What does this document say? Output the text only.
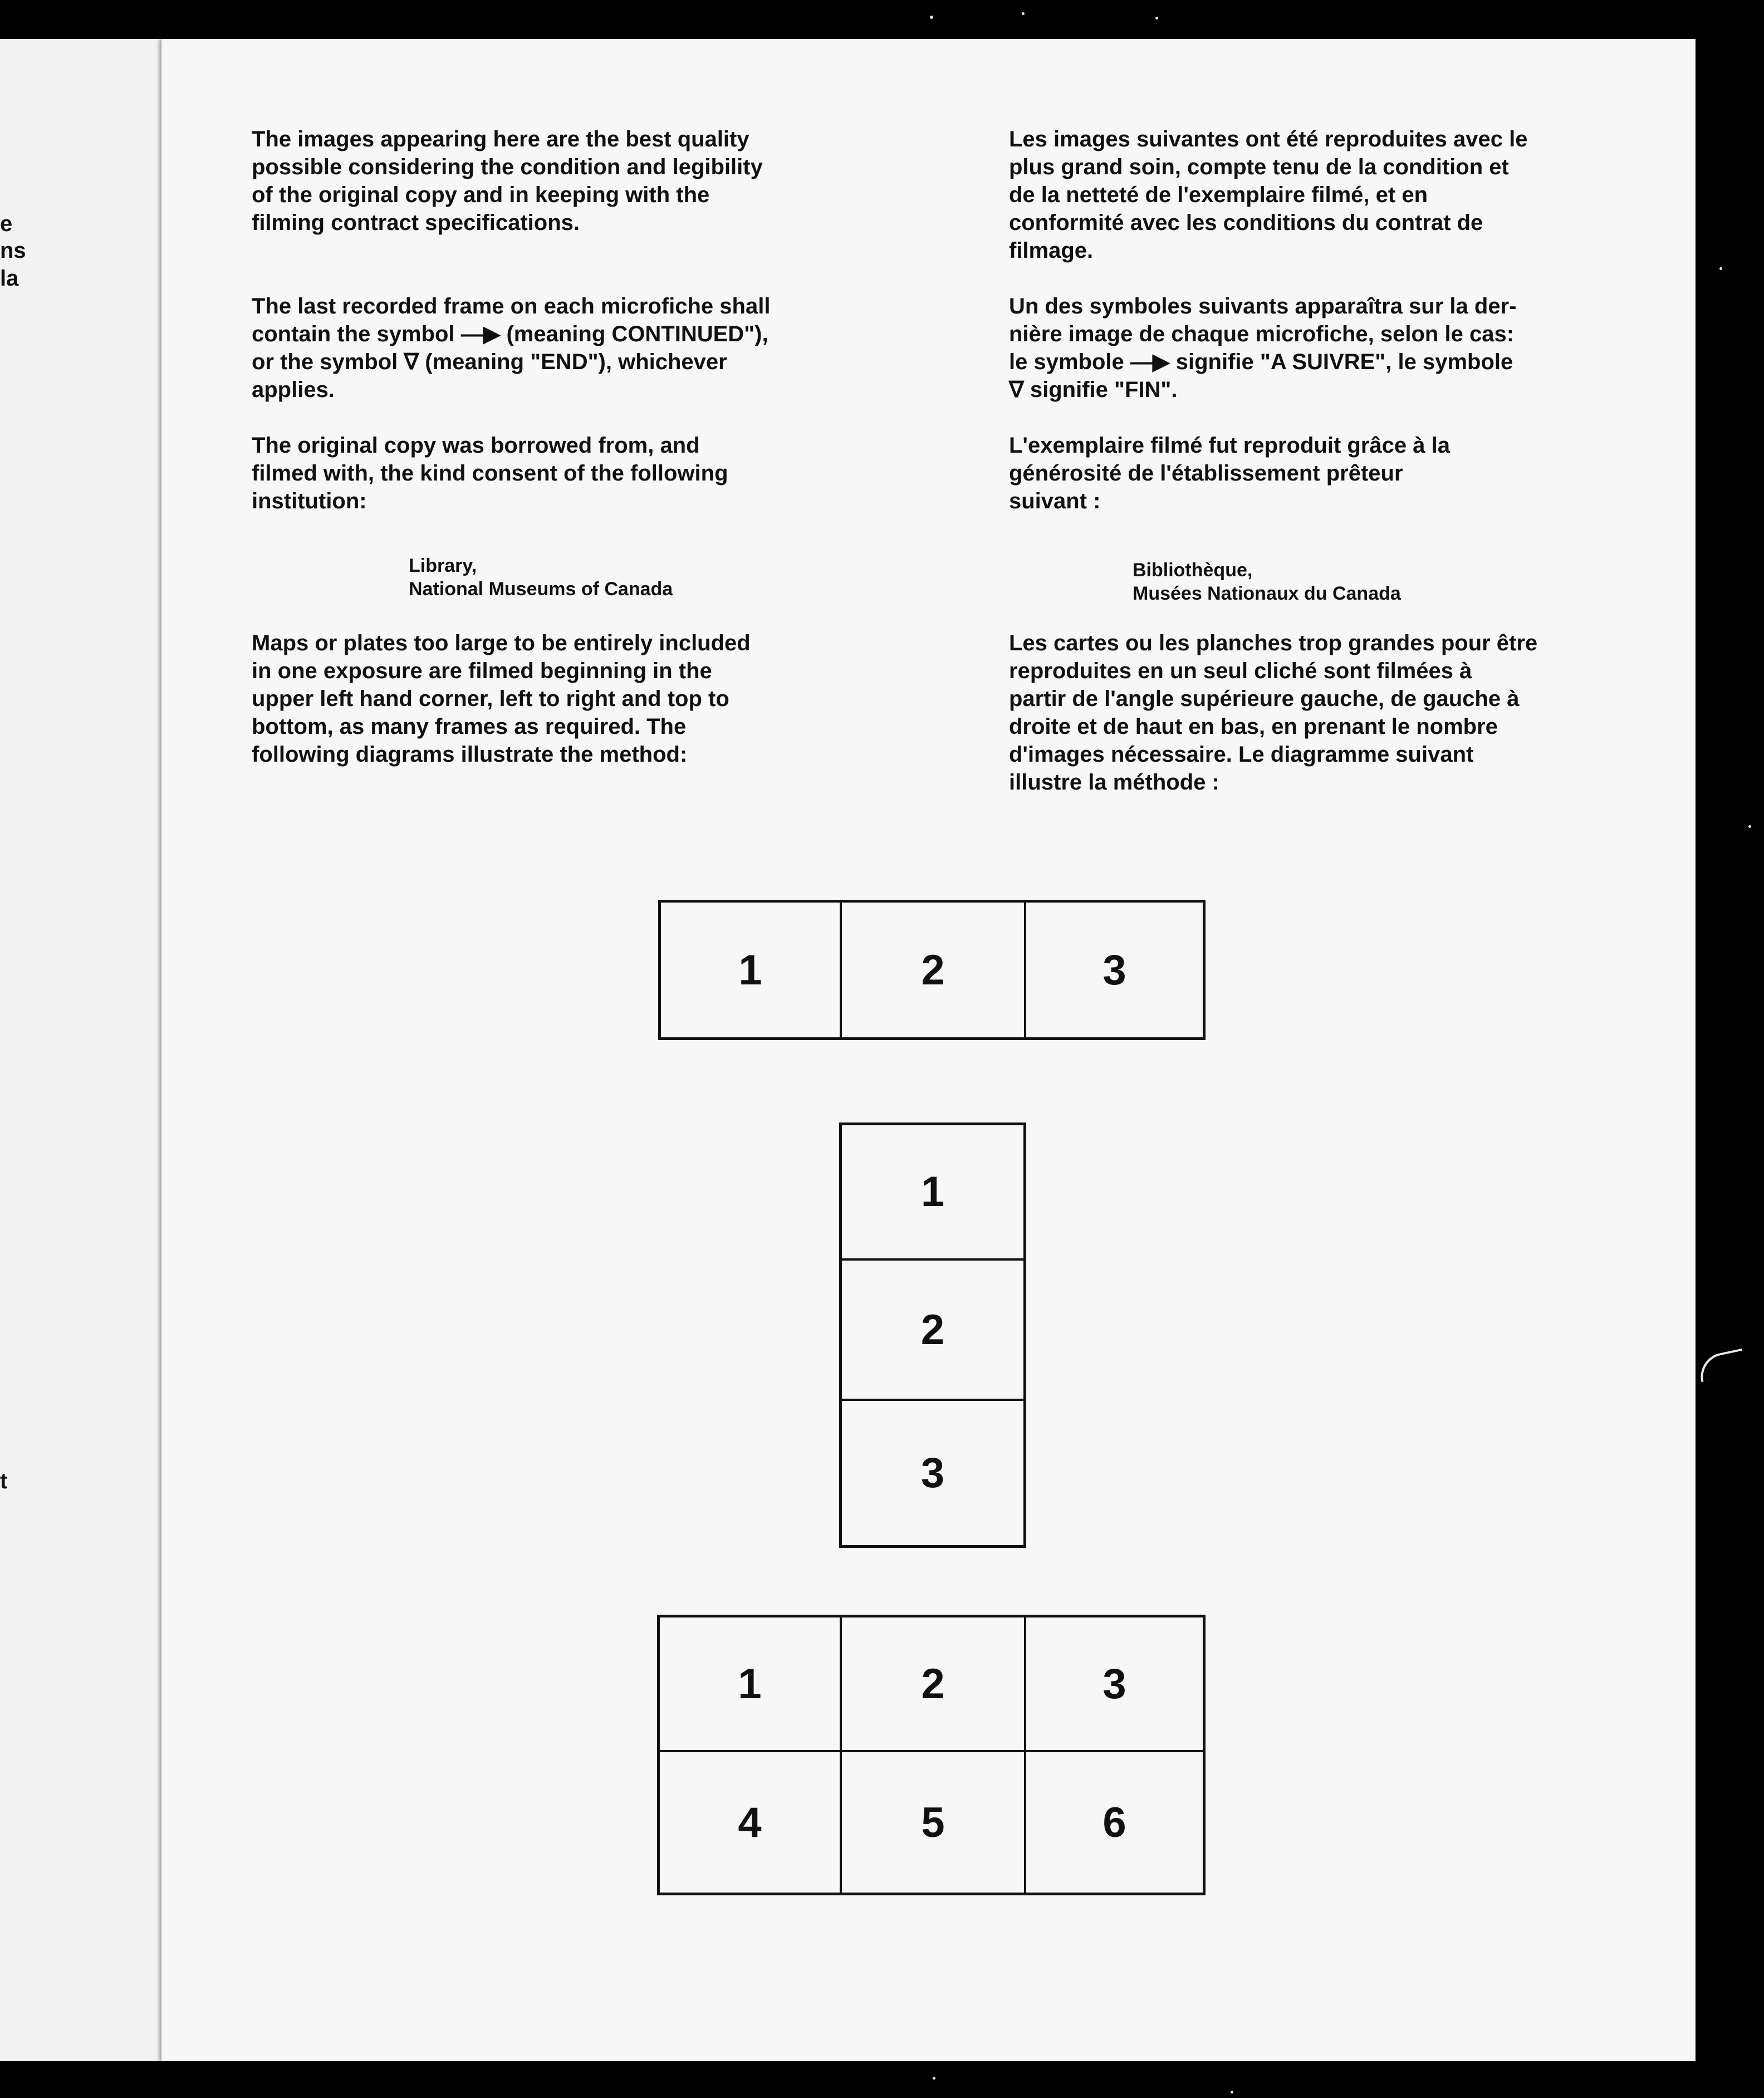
e
ns
la
t

The images appearing here are the best quality
possible considering the condition and legibility
of the original copy and in keeping with the
filming contract specifications.

The last recorded frame on each microfiche shall
contain the symbol —▶ (meaning CONTINUED"),
or the symbol ∇ (meaning "END"), whichever
applies.

The original copy was borrowed from, and
filmed with, the kind consent of the following
institution:

Library,
National Museums of Canada

Maps or plates too large to be entirely included
in one exposure are filmed beginning in the
upper left hand corner, left to right and top to
bottom, as many frames as required. The
following diagrams illustrate the method:

Les images suivantes ont été reproduites avec le
plus grand soin, compte tenu de la condition et
de la netteté de l'exemplaire filmé, et en
conformité avec les conditions du contrat de
filmage.

Un des symboles suivants apparaîtra sur la der-
nière image de chaque microfiche, selon le cas:
le symbole —▶ signifie "A SUIVRE", le symbole
∇ signifie "FIN".

L'exemplaire filmé fut reproduit grâce à la
générosité de l'établissement prêteur
suivant :

Bibliothèque,
Musées Nationaux du Canada

Les cartes ou les planches trop grandes pour être
reproduites en un seul cliché sont filmées à
partir de l'angle supérieure gauche, de gauche à
droite et de haut en bas, en prenant le nombre
d'images nécessaire. Le diagramme suivant
illustre la méthode :

1	2	3
1
2
3
1	2	3
4	5	6
